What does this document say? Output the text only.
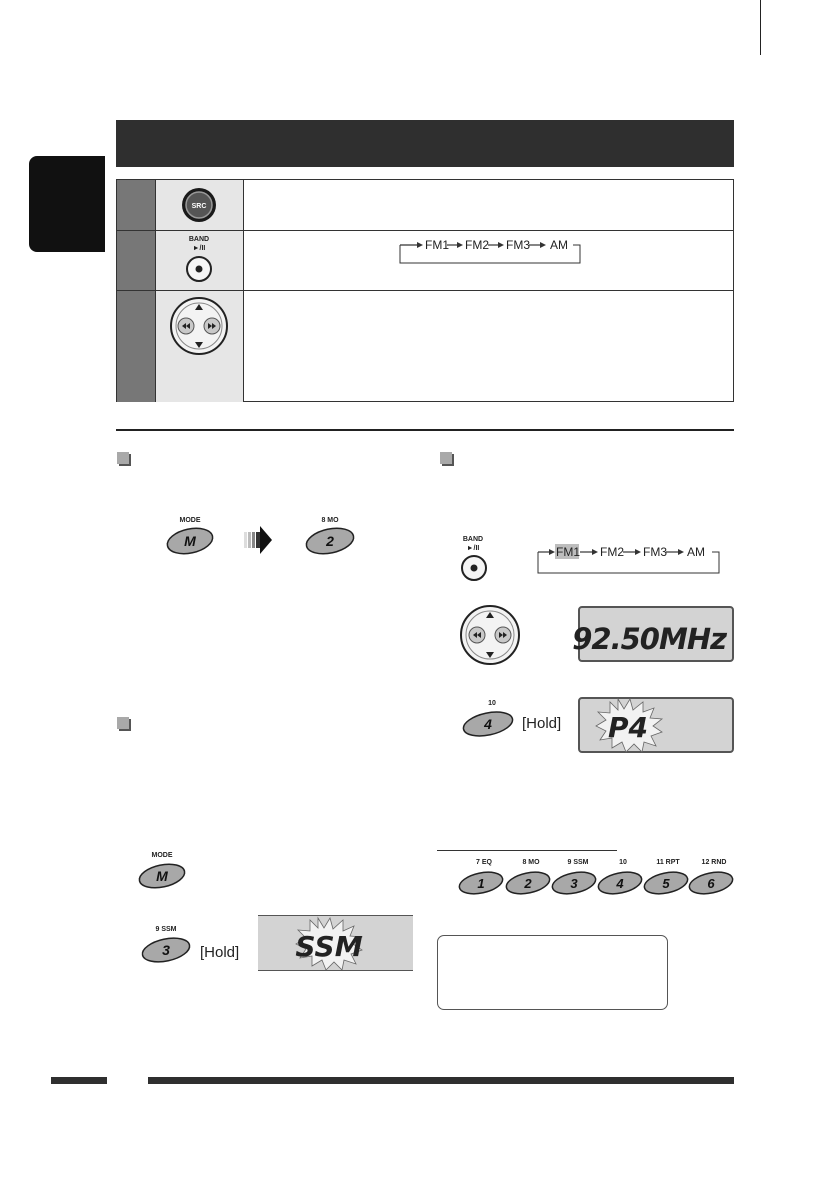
SRC
BAND
►/II	FM1 FM2 FM3 AM
MODE
M
8 MO
2
MODE
M
9 SSM
3 [Hold] SSM
BAND
►/II	FM1 FM2 FM3 AM
92.50MHz
10
4 [Hold] P4
7 EQ
1
8 MO
2
9 SSM
3
10
4
11 RPT
5
12 RND
6
